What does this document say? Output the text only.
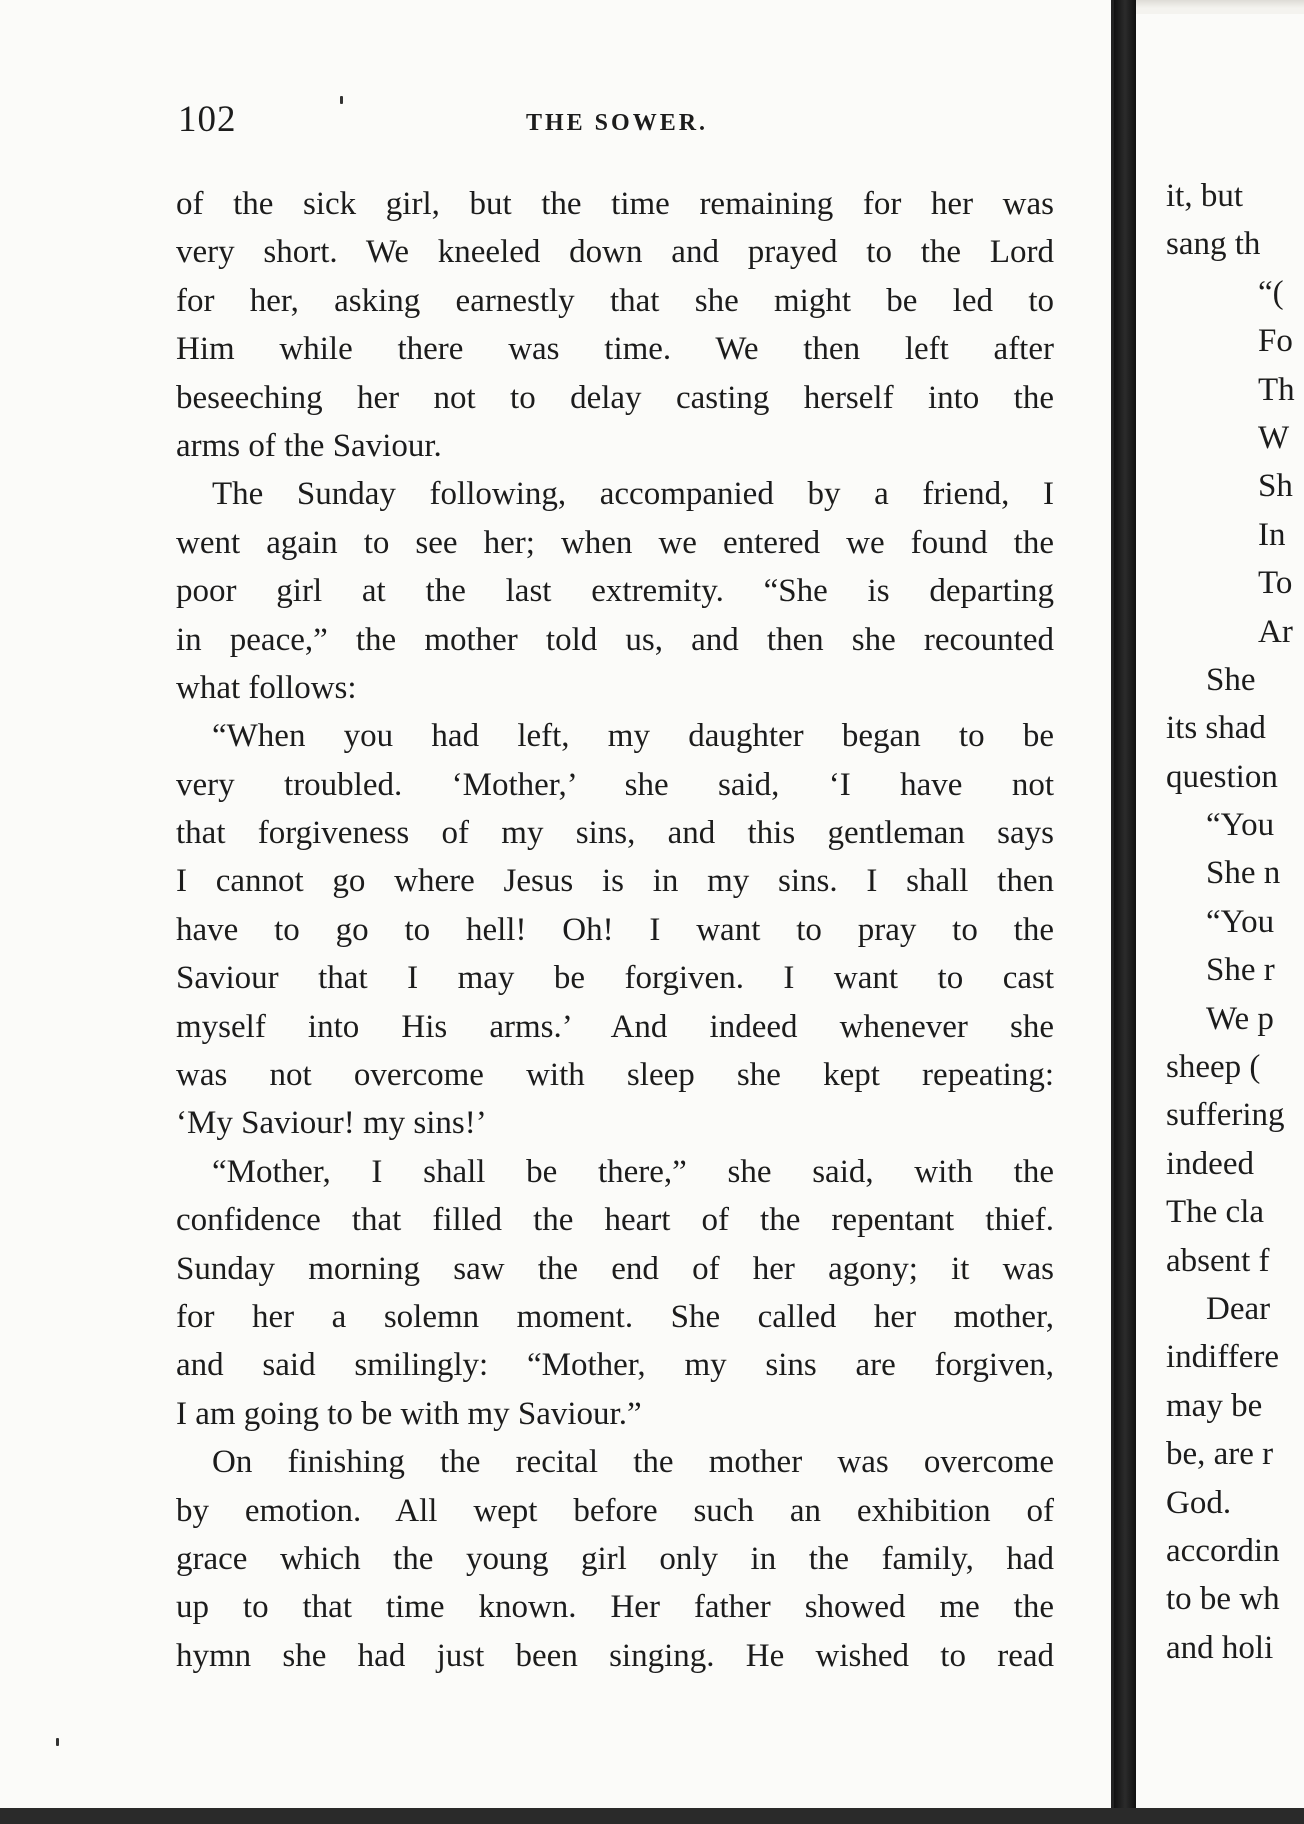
102	THE SOWER.
of the sick girl, but the time remaining for her was
very short. We kneeled down and prayed to the Lord
for her, asking earnestly that she might be led to
Him while there was time. We then left after
beseeching her not to delay casting herself into the
arms of the Saviour.
The Sunday following, accompanied by a friend, I
went again to see her; when we entered we found the
poor girl at the last extremity. “She is departing
in peace,” the mother told us, and then she recounted
what follows:
“When you had left, my daughter began to be
very troubled. ‘Mother,’ she said, ‘I have not
that forgiveness of my sins, and this gentleman says
I cannot go where Jesus is in my sins. I shall then
have to go to hell! Oh! I want to pray to the
Saviour that I may be forgiven. I want to cast
myself into His arms.’ And indeed whenever she
was not overcome with sleep she kept repeating:
‘My Saviour! my sins!’
“Mother, I shall be there,” she said, with the
confidence that filled the heart of the repentant thief.
Sunday morning saw the end of her agony; it was
for her a solemn moment. She called her mother,
and said smilingly: “Mother, my sins are forgiven,
I am going to be with my Saviour.”
On finishing the recital the mother was overcome
by emotion. All wept before such an exhibition of
grace which the young girl only in the family, had
up to that time known. Her father showed me the
hymn she had just been singing. He wished to read
it, but
sang th
“(
Fo
Th
W
Sh
In
To
Ar
She
its shad
question
“You
She n
“You
She r
We p
sheep (
suffering
indeed
The cla
absent f
Dear
indiffere
may be
be, are r
God.
accordin
to be wh
and holi
